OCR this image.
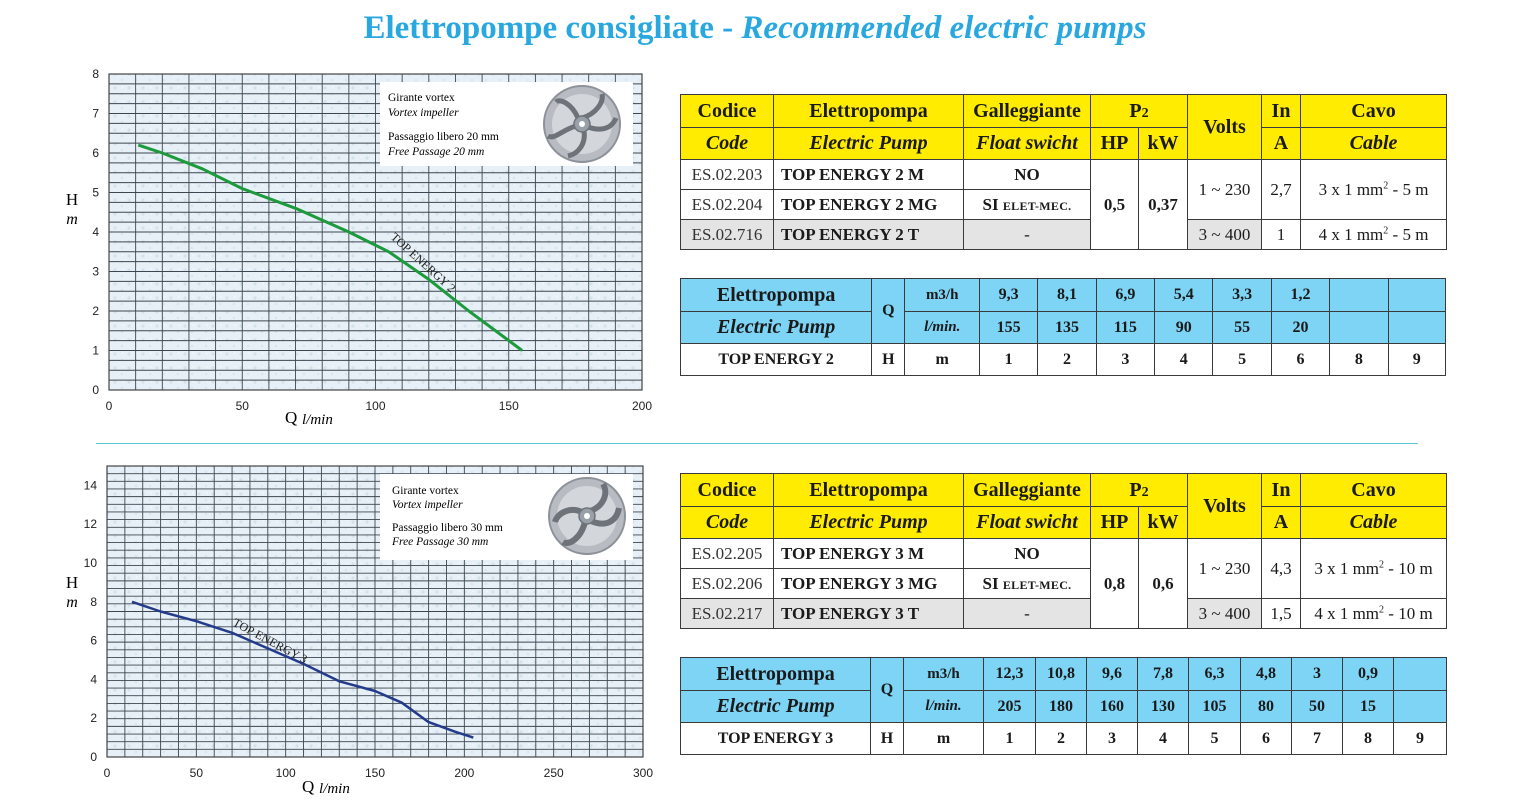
Elettropompe consigliate - Recommended electric pumps
0	50	100	150	200
0
1
2
3
4
5
6
7
8
H
m
Q l/min
TOP ENERGY 2
Girante vortex
Vortex impeller
Passaggio libero 20 mm
Free Passage 20 mm
Codice	Elettropompa	Galleggiante	P2		Volts	In	Cavo
Code	Electric Pump	Float swicht	HP	kW		A	Cable
ES.02.203	TOP ENERGY 2 M	NO	0,5	0,37	1 ~ 230	2,7	3 x 1 $mm^2 - 5$ m
ES.02.204	TOP ENERGY 2 MG	SI ELET-MEC.					
ES.02.716	TOP ENERGY 2 T	-			3 ~ 400	1	4 x 1 $mm^2 - 5$ m
Elettropompa	Q	m3/h	9,3	8,1	6,9	5,4	3,3	1,2		
Electric Pump		l/min.	155	135	115	90	55	20		
TOP ENERGY 2	H	m	1	2	3	4	5	6	8	9
0	50	100	150	200	250	300
0
2
4
6
8
10
12
14
H
m
Q l/min
TOP ENERGY 3
Girante vortex
Vortex impeller
Passaggio libero 30 mm
Free Passage 30 mm
Codice	Elettropompa	Galleggiante	P2		Volts	In	Cavo
Code	Electric Pump	Float swicht	HP	kW		A	Cable
ES.02.205	TOP ENERGY 3 M	NO	0,8	0,6	1 ~ 230	4,3	3 x 1 $mm^2 - 10$ m
ES.02.206	TOP ENERGY 3 MG	SI ELET-MEC.					
ES.02.217	TOP ENERGY 3 T	-			3 ~ 400	1,5	4 x 1 $mm^2 - 10$ m
Elettropompa	Q	m3/h	12,3	10,8	9,6	7,8	6,3	4,8	3	0,9	
Electric Pump		l/min.	205	180	160	130	105	80	50	15	
TOP ENERGY 3	H	m	1	2	3	4	5	6	7	8	9
